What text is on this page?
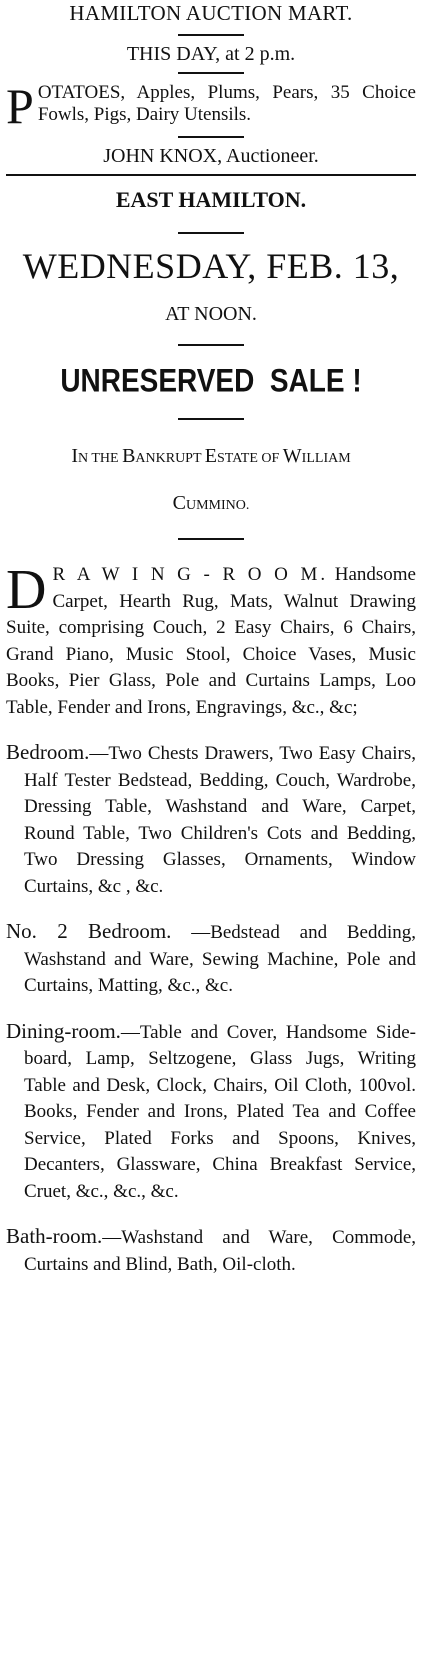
HAMILTON AUCTION MART.
THIS DAY, at 2 p.m.
POTATOES, Apples, Plums, Pears, 35 Choice Fowls, Pigs, Dairy Utensils.
JOHN KNOX, Auctioneer.
EAST HAMILTON.
WEDNESDAY, FEB. 13,
AT NOON.
UNRESERVED  SALE !
IN THE BANKRUPT ESTATE OF WILLIAM
CUMMINO.
D R A W I N G - R O O M. Handsome Carpet, Hearth Rug, Mats, Walnut Drawing Suite, comprising Couch, 2 Easy Chairs, 6 Chairs, Grand Piano, Music Stool, Choice Vases, Music Books, Pier Glass, Pole and Curtains Lamps, Loo Table, Fender and Irons, Engravings, &c., &c;
Bedroom.—Two Chests Drawers, Two Easy Chairs, Half Tester Bedstead, Bedding, Couch, Wardrobe, Dressing Table, Washstand and Ware, Carpet, Round Table, Two Children's Cots and Bedding, Two Dressing Glasses, Ornaments, Window Curtains, &c , &c.
No. 2 Bedroom. —Bedstead and Bedding, Washstand and Ware, Sewing Machine, Pole and Curtains, Matting, &c., &c.
Dining-room.—Table and Cover, Handsome Side-board, Lamp, Seltzogene, Glass Jugs, Writing Table and Desk, Clock, Chairs, Oil Cloth, 100vol. Books, Fender and Irons, Plated Tea and Coffee Service, Plated Forks and Spoons, Knives, Decanters, Glassware, China Breakfast Service, Cruet, &c., &c., &c.
Bath-room.—Washstand and Ware, Commode, Curtains and Blind, Bath, Oil-cloth.
